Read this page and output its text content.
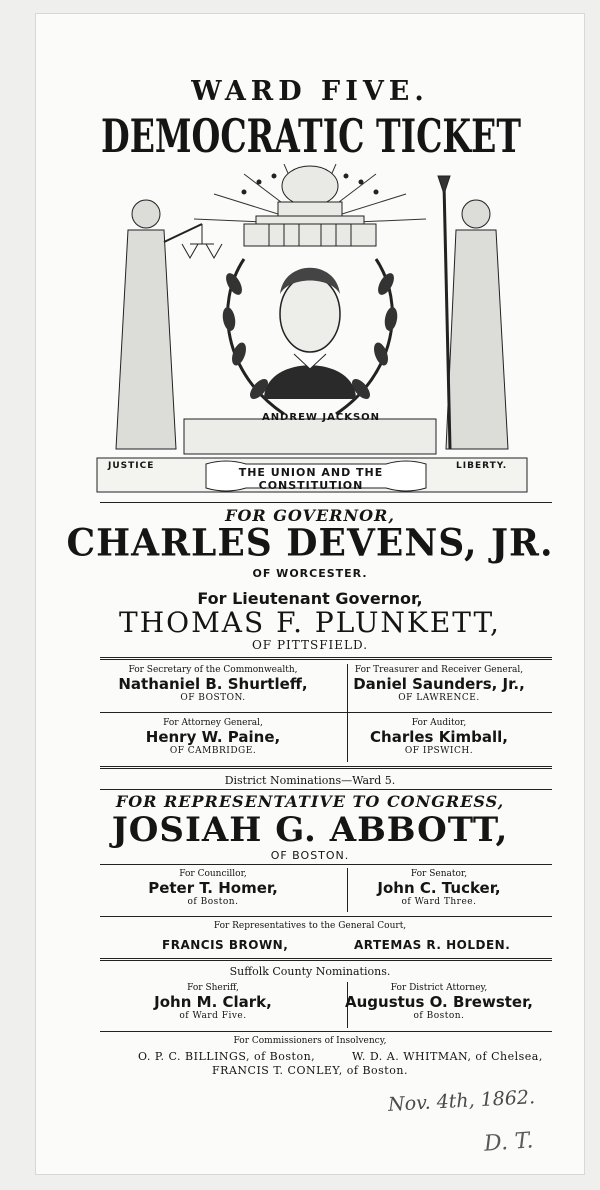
WARD FIVE.
DEMOCRATIC TICKET
ANDREW JACKSON
JUSTICE	THE UNION AND THE CONSTITUTION
LIBERTY.
FOR GOVERNOR,
CHARLES DEVENS, JR.
OF WORCESTER.
For Lieutenant Governor,
THOMAS F. PLUNKETT,
OF PITTSFIELD.
For Secretary of the Commonwealth,
Nathaniel B. Shurtleff,
OF BOSTON.
For Treasurer and Receiver General,
Daniel Saunders, Jr.,
OF LAWRENCE.
For Attorney General,
Henry W. Paine,
OF CAMBRIDGE.
For Auditor,
Charles Kimball,
OF IPSWICH.
District Nominations—Ward 5.
FOR REPRESENTATIVE TO CONGRESS,
JOSIAH G. ABBOTT,
OF BOSTON.
For Councillor,
Peter T. Homer,
of Boston.
For Senator,
John C. Tucker,
of Ward Three.
For Representatives to the General Court,
FRANCIS BROWN,	ARTEMAS R. HOLDEN.
Suffolk County Nominations.
For Sheriff,
John M. Clark,
of Ward Five.
For District Attorney,
Augustus O. Brewster,
of Boston.
For Commissioners of Insolvency,
O. P. C. BILLINGS, of Boston,	W. D. A. WHITMAN, of Chelsea,
FRANCIS T. CONLEY, of Boston.
Nov. 4th, 1862.
D. T.
